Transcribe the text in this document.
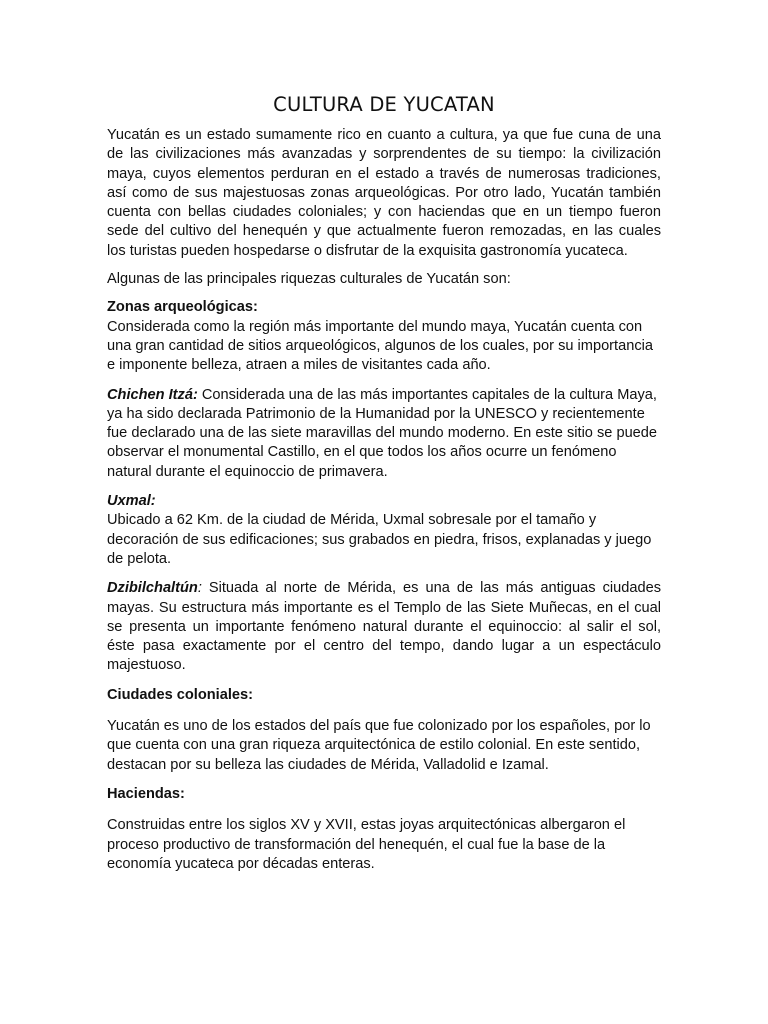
CULTURA DE YUCATAN

Yucatán es un estado sumamente rico en cuanto a cultura, ya que fue cuna de una de las civilizaciones más avanzadas y sorprendentes de su tiempo: la civilización maya, cuyos elementos perduran en el estado a través de numerosas tradiciones, así como de sus majestuosas zonas arqueológicas. Por otro lado, Yucatán también cuenta con bellas ciudades coloniales; y con haciendas que en un tiempo fueron sede del cultivo del henequén y que actualmente fueron remozadas, en las cuales los turistas pueden hospedarse o disfrutar de la exquisita gastronomía yucateca.

Algunas de las principales riquezas culturales de Yucatán son:

Zonas arqueológicas:

Considerada como la región más importante del mundo maya, Yucatán cuenta con una gran cantidad de sitios arqueológicos, algunos de los cuales, por su importancia e imponente belleza, atraen a miles de visitantes cada año.

Chichen Itzá: Considerada una de las más importantes capitales de la cultura Maya, ya ha sido declarada Patrimonio de la Humanidad por la UNESCO y recientemente fue declarado una de las siete maravillas del mundo moderno. En este sitio se puede observar el monumental Castillo, en el que todos los años ocurre un fenómeno natural durante el equinoccio de primavera.

Uxmal:

Ubicado a 62 Km. de la ciudad de Mérida, Uxmal sobresale por el tamaño y decoración de sus edificaciones; sus grabados en piedra, frisos, explanadas y juego de pelota.

Dzibilchaltún: Situada al norte de Mérida, es una de las más antiguas ciudades mayas. Su estructura más importante es el Templo de las Siete Muñecas, en el cual se presenta un importante fenómeno natural durante el equinoccio: al salir el sol, éste pasa exactamente por el centro del tempo, dando lugar a un espectáculo majestuoso.

Ciudades coloniales:

Yucatán es uno de los estados del país que fue colonizado por los españoles, por lo que cuenta con una gran riqueza arquitectónica de estilo colonial. En este sentido, destacan por su belleza las ciudades de Mérida, Valladolid e Izamal.

Haciendas:

Construidas entre los siglos XV y XVII, estas joyas arquitectónicas albergaron el proceso productivo de transformación del henequén, el cual fue la base de la economía yucateca por décadas enteras.
